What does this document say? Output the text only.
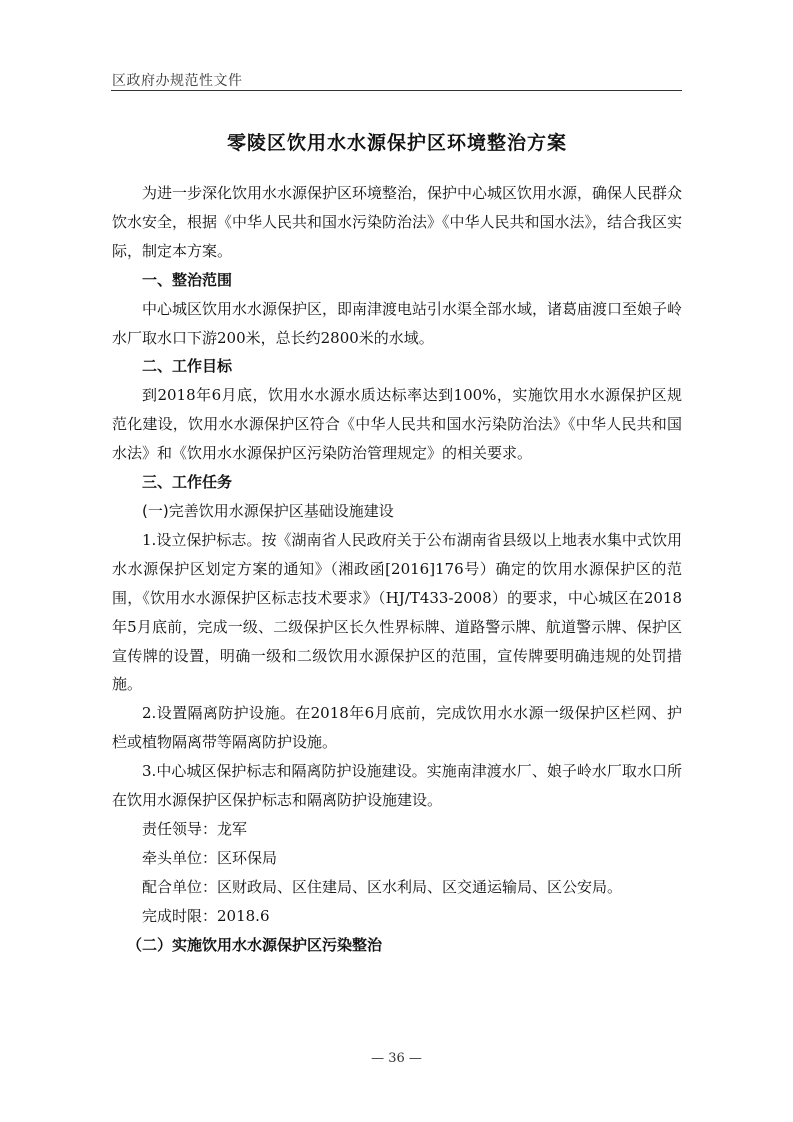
区政府办规范性文件
零陵区饮用水水源保护区环境整治方案

为进一步深化饮用水水源保护区环境整治，保护中心城区饮用水源，确保人民群众饮水安全，根据《中华人民共和国水污染防治法》《中华人民共和国水法》，结合我区实际，制定本方案。

一、整治范围

中心城区饮用水水源保护区，即南津渡电站引水渠全部水域，诸葛庙渡口至娘子岭水厂取水口下游200米，总长约2800米的水域。

二、工作目标

到2018年6月底，饮用水水源水质达标率达到100%，实施饮用水水源保护区规范化建设，饮用水水源保护区符合《中华人民共和国水污染防治法》《中华人民共和国水法》和《饮用水水源保护区污染防治管理规定》的相关要求。

三、工作任务

(一)完善饮用水源保护区基础设施建设

1.设立保护标志。按《湖南省人民政府关于公布湖南省县级以上地表水集中式饮用水水源保护区划定方案的通知》（湘政函[2016]176号）确定的饮用水源保护区的范围，《饮用水水源保护区标志技术要求》（HJ/T433-2008）的要求，中心城区在2018年5月底前，完成一级、二级保护区长久性界标牌、道路警示牌、航道警示牌、保护区宣传牌的设置，明确一级和二级饮用水源保护区的范围，宣传牌要明确违规的处罚措施。

2.设置隔离防护设施。在2018年6月底前，完成饮用水水源一级保护区栏网、护栏或植物隔离带等隔离防护设施。

3.中心城区保护标志和隔离防护设施建设。实施南津渡水厂、娘子岭水厂取水口所在饮用水源保护区保护标志和隔离防护设施建设。

责任领导：龙军

牵头单位：区环保局

配合单位：区财政局、区住建局、区水利局、区交通运输局、区公安局。

完成时限：2018.6

（二）实施饮用水水源保护区污染整治

— 36 —
